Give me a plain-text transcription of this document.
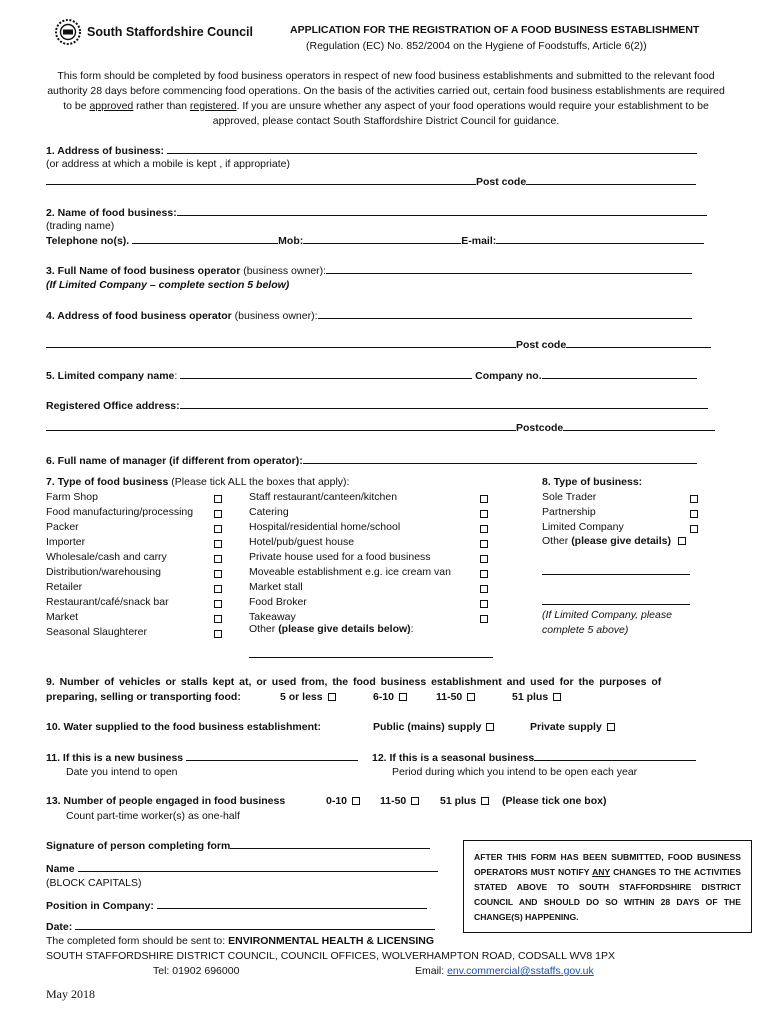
South Staffordshire Council	APPLICATION FOR THE REGISTRATION OF A FOOD BUSINESS ESTABLISHMENT
(Regulation (EC) No. 852/2004 on the Hygiene of Foodstuffs, Article 6(2))
This form should be completed by food business operators in respect of new food business establishments and submitted to the relevant food authority 28 days before commencing food operations. On the basis of the activities carried out, certain food business establishments are required to be approved rather than registered. If you are unsure whether any aspect of your food operations would require your establishment to be approved, please contact South Staffordshire District Council for guidance.
1. Address of business:
(or address at which a mobile is kept , if appropriate)
Post code
2. Name of food business:
(trading name)
Telephone no(s).	Mob:	E-mail:
3. Full Name of food business operator (business owner):
(If Limited Company – complete section 5 below)
4. Address of food business operator (business owner):
Post code
5. Limited company name:	Company no.
Registered Office address:
Postcode
6. Full name of manager (if different from operator):
7. Type of food business (Please tick ALL the boxes that apply):
Farm Shop
Food manufacturing/processing
Packer
Importer
Wholesale/cash and carry
Distribution/warehousing
Retailer
Restaurant/café/snack bar
Market
Seasonal Slaughterer
Staff restaurant/canteen/kitchen
Catering
Hospital/residential home/school
Hotel/pub/guest house
Private house used for a food business
Moveable establishment e.g. ice cream van
Market stall
Food Broker
Takeaway
Other (please give details below):
8. Type of business:
Sole Trader
Partnership
Limited Company
Other (please give details)
(If Limited Company, please
complete 5 above)
9. Number of vehicles or stalls kept at, or used from, the food business establishment and used for the purposes of
preparing, selling or transporting food:	5 or less	6-10	11-50	51 plus
10. Water supplied to the food business establishment:	Public (mains) supply	Private supply
11. If this is a new business
Date you intend to open
12. If this is a seasonal business
Period during which you intend to be open each year
13. Number of people engaged in food business	0-10	11-50	51 plus	(Please tick one box)
Count part-time worker(s) as one-half
Signature of person completing form
Name
(BLOCK CAPITALS)
Position in Company:
Date:
AFTER THIS FORM HAS BEEN SUBMITTED, FOOD BUSINESS OPERATORS MUST NOTIFY ANY CHANGES TO THE ACTIVITIES STATED ABOVE TO SOUTH STAFFORDSHIRE DISTRICT COUNCIL AND SHOULD DO SO WITHIN 28 DAYS OF THE CHANGE(S) HAPPENING.
The completed form should be sent to: ENVIRONMENTAL HEALTH & LICENSING
SOUTH STAFFORDSHIRE DISTRICT COUNCIL, COUNCIL OFFICES, WOLVERHAMPTON ROAD, CODSALL WV8 1PX
Tel: 01902 696000	Email: env.commercial@sstaffs.gov.uk
May 2018
